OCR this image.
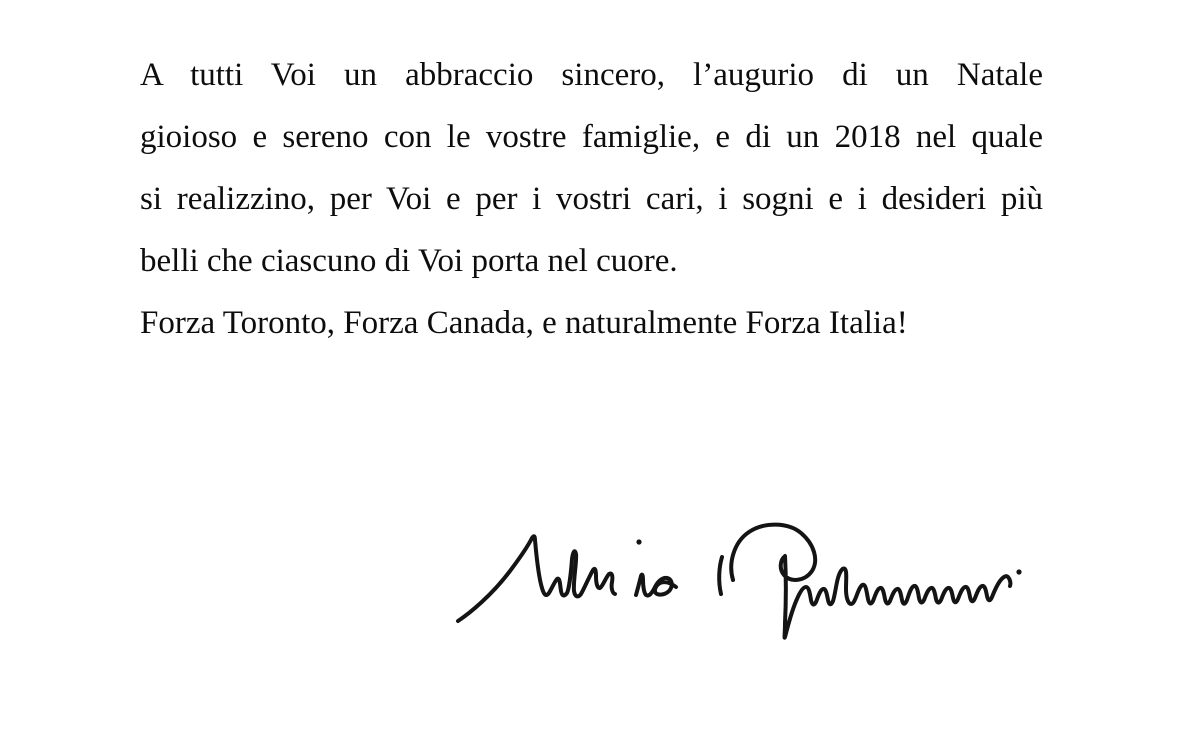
A tutti Voi un abbraccio sincero, l’augurio di un Natale

gioioso e sereno con le vostre famiglie, e di un 2018 nel quale

si realizzino, per Voi e per i vostri cari, i sogni e i desideri più

belli che ciascuno di Voi porta nel cuore.

Forza Toronto, Forza Canada, e naturalmente Forza Italia!
